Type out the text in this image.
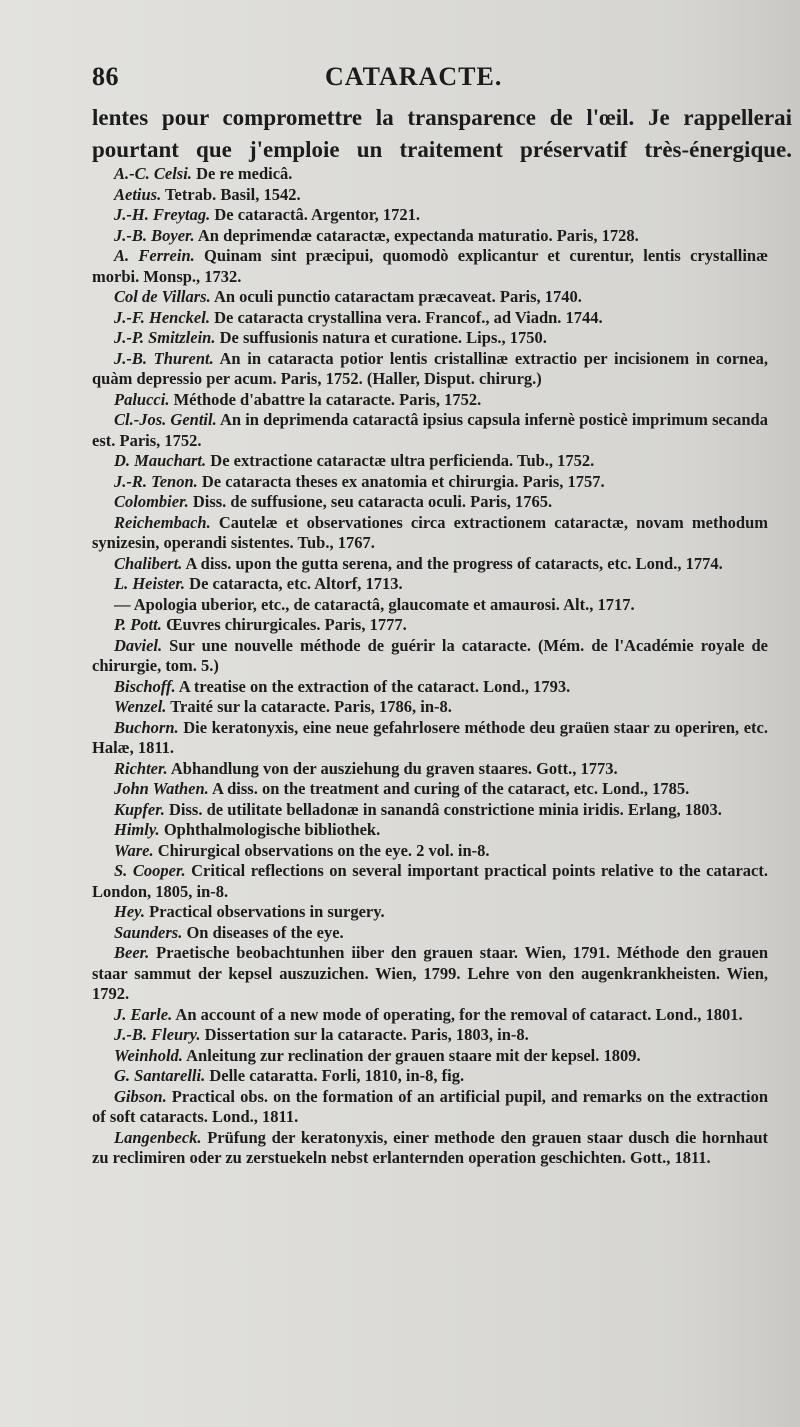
86	CATARACTE.
lentes pour compromettre la transparence de l'œil. Je rappellerai
pourtant que j'emploie un traitement préservatif très-énergique.

A.-C. Celsi. De re medicâ.

Aetius. Tetrab. Basil, 1542.

J.-H. Freytag. De cataractâ. Argentor, 1721.

J.-B. Boyer. An deprimendæ cataractæ, expectanda maturatio. Paris, 1728.

A. Ferrein. Quinam sint præcipui, quomodò explicantur et curentur, lentis crystallinæ morbi. Monsp., 1732.

Col de Villars. An oculi punctio cataractam præcaveat. Paris, 1740.

J.-F. Henckel. De cataracta crystallina vera. Francof., ad Viadn. 1744.

J.-P. Smitzlein. De suffusionis natura et curatione. Lips., 1750.

J.-B. Thurent. An in cataracta potior lentis cristallinæ extractio per incisionem in cornea, quàm depressio per acum. Paris, 1752. (Haller, Disput. chirurg.)

Palucci. Méthode d'abattre la cataracte. Paris, 1752.

Cl.-Jos. Gentil. An in deprimenda cataractâ ipsius capsula infernè posticè imprimum secanda est. Paris, 1752.

D. Mauchart. De extractione cataractæ ultra perficienda. Tub., 1752.

J.-R. Tenon. De cataracta theses ex anatomia et chirurgia. Paris, 1757.

Colombier. Diss. de suffusione, seu cataracta oculi. Paris, 1765.

Reichembach. Cautelæ et observationes circa extractionem cataractæ, novam methodum synizesin, operandi sistentes. Tub., 1767.

Chalibert. A diss. upon the gutta serena, and the progress of cataracts, etc. Lond., 1774.

L. Heister. De cataracta, etc. Altorf, 1713.

— Apologia uberior, etc., de cataractâ, glaucomate et amaurosi. Alt., 1717.

P. Pott. Œuvres chirurgicales. Paris, 1777.

Daviel. Sur une nouvelle méthode de guérir la cataracte. (Mém. de l'Académie royale de chirurgie, tom. 5.)

Bischoff. A treatise on the extraction of the cataract. Lond., 1793.

Wenzel. Traité sur la cataracte. Paris, 1786, in-8.

Buchorn. Die keratonyxis, eine neue gefahrlosere méthode deu graüen staar zu operiren, etc. Halæ, 1811.

Richter. Abhandlung von der ausziehung du graven staares. Gott., 1773.

John Wathen. A diss. on the treatment and curing of the cataract, etc. Lond., 1785.

Kupfer. Diss. de utilitate belladonæ in sanandâ constrictione minia iridis. Erlang, 1803.

Himly. Ophthalmologische bibliothek.

Ware. Chirurgical observations on the eye. 2 vol. in-8.

S. Cooper. Critical reflections on several important practical points relative to the cataract. London, 1805, in-8.

Hey. Practical observations in surgery.

Saunders. On diseases of the eye.

Beer. Praetische beobachtunhen iiber den grauen staar. Wien, 1791. Méthode den grauen staar sammut der kepsel auszuzichen. Wien, 1799. Lehre von den augenkrankheisten. Wien, 1792.

J. Earle. An account of a new mode of operating, for the removal of cataract. Lond., 1801.

J.-B. Fleury. Dissertation sur la cataracte. Paris, 1803, in-8.

Weinhold. Anleitung zur reclination der grauen staare mit der kepsel. 1809.

G. Santarelli. Delle cataratta. Forli, 1810, in-8, fig.

Gibson. Practical obs. on the formation of an artificial pupil, and remarks on the extraction of soft cataracts. Lond., 1811.

Langenbeck. Prüfung der keratonyxis, einer methode den grauen staar dusch die hornhaut zu reclimiren oder zu zerstuekeln nebst erlanternden operation geschichten. Gott., 1811.
